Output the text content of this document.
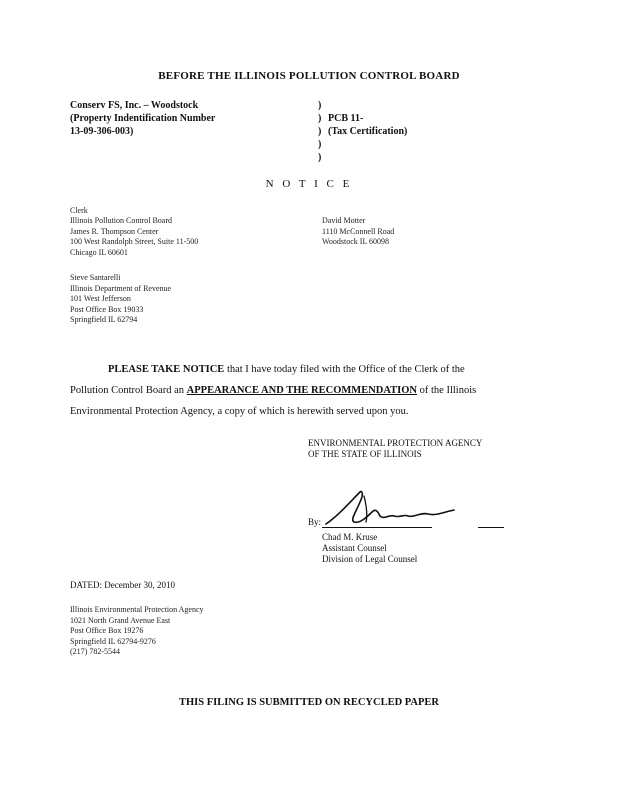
BEFORE THE ILLINOIS POLLUTION CONTROL BOARD
Conserv FS, Inc. – Woodstock
(Property Indentification Number
13-09-306-003)
)
)
)
)
)
PCB 11-
(Tax Certification)
N O T I C E
Clerk
Illinois Pollution Control Board
James R. Thompson Center
100 West Randolph Street, Suite 11-500
Chicago IL 60601
David Motter
1110 McConnell Road
Woodstock IL 60098
Steve Santarelli
Illinois Department of Revenue
101 West Jefferson
Post Office Box 19033
Springfield IL 62794
PLEASE TAKE NOTICE that I have today filed with the Office of the Clerk of the
Pollution Control Board an APPEARANCE AND THE RECOMMENDATION of the Illinois
Environmental Protection Agency, a copy of which is herewith served upon you.
ENVIRONMENTAL PROTECTION AGENCY
OF THE STATE OF ILLINOIS
By:
Chad M. Kruse
Assistant Counsel
Division of Legal Counsel
DATED: December 30, 2010
Illinois Environmental Protection Agency
1021 North Grand Avenue East
Post Office Box 19276
Springfield IL 62794-9276
(217) 782-5544
THIS FILING IS SUBMITTED ON RECYCLED PAPER
